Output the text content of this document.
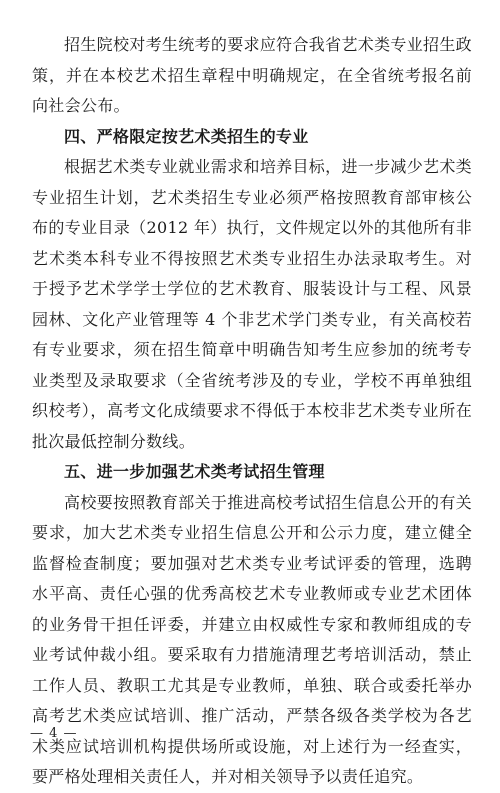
招生院校对考生统考的要求应符合我省艺术类专业招生政策，并在本校艺术招生章程中明确规定，在全省统考报名前向社会公布。

四、严格限定按艺术类招生的专业

根据艺术类专业就业需求和培养目标，进一步减少艺术类专业招生计划，艺术类招生专业必须严格按照教育部审核公布的专业目录（2012 年）执行，文件规定以外的其他所有非艺术类本科专业不得按照艺术类专业招生办法录取考生。对于授予艺术学学士学位的艺术教育、服装设计与工程、风景园林、文化产业管理等 4 个非艺术学门类专业，有关高校若有专业要求，须在招生简章中明确告知考生应参加的统考专业类型及录取要求（全省统考涉及的专业，学校不再单独组织校考），高考文化成绩要求不得低于本校非艺术类专业所在批次最低控制分数线。

五、进一步加强艺术类考试招生管理

高校要按照教育部关于推进高校考试招生信息公开的有关要求，加大艺术类专业招生信息公开和公示力度，建立健全监督检查制度；要加强对艺术类专业考试评委的管理，选聘水平高、责任心强的优秀高校艺术专业教师或专业艺术团体的业务骨干担任评委，并建立由权威性专家和教师组成的专业考试仲裁小组。要采取有力措施清理艺考培训活动，禁止工作人员、教职工尤其是专业教师，单独、联合或委托举办高考艺术类应试培训、推广活动，严禁各级各类学校为各艺术类应试培训机构提供场所或设施，对上述行为一经查实，要严格处理相关责任人，并对相关领导予以责任追究。

— 4 —
